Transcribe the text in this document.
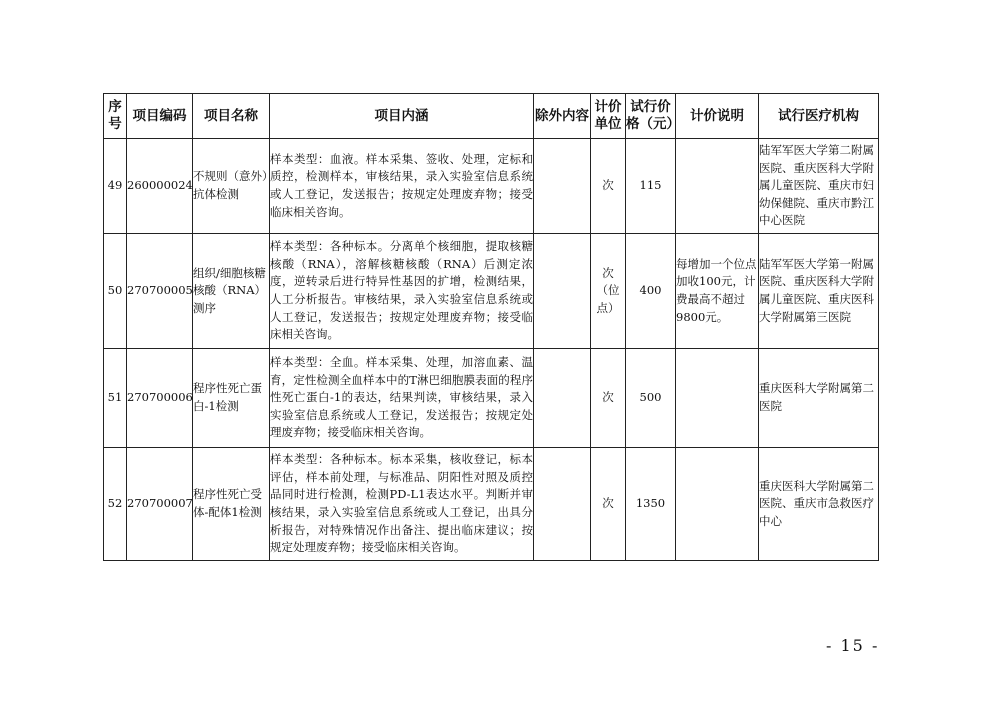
序号	项目编码	项目名称	项目内涵	除外内容	计价单位	试行价格（元）	计价说明	试行医疗机构
49	260000024	不规则（意外）抗体检测	样本类型：血液。样本采集、签收、处理，定标和质控，检测样本，审核结果，录入实验室信息系统或人工登记，发送报告；按规定处理废弃物；接受临床相关咨询。		次	115		陆军军医大学第二附属医院、重庆医科大学附属儿童医院、重庆市妇幼保健院、重庆市黔江中心医院
50	270700005	组织/细胞核糖核酸（RNA）测序	样本类型：各种标本。分离单个核细胞，提取核糖核酸（RNA），溶解核糖核酸（RNA）后测定浓度，逆转录后进行特异性基因的扩增，检测结果，人工分析报告。审核结果，录入实验室信息系统或人工登记，发送报告；按规定处理废弃物；接受临床相关咨询。		次（位点）	400	每增加一个位点加收100元，计费最高不超过9800元。	陆军军医大学第一附属医院、重庆医科大学附属儿童医院、重庆医科大学附属第三医院
51	270700006	程序性死亡蛋白-1检测	样本类型：全血。样本采集、处理，加溶血素、温育，定性检测全血样本中的T淋巴细胞膜表面的程序性死亡蛋白-1的表达，结果判读，审核结果，录入实验室信息系统或人工登记，发送报告；按规定处理废弃物；接受临床相关咨询。		次	500		重庆医科大学附属第二医院
52	270700007	程序性死亡受体-配体1检测	样本类型：各种标本。标本采集，核收登记，标本评估，样本前处理，与标准品、阴阳性对照及质控品同时进行检测，检测PD-L1表达水平。判断并审核结果，录入实验室信息系统或人工登记，出具分析报告，对特殊情况作出备注、提出临床建议；按规定处理废弃物；接受临床相关咨询。		次	1350		重庆医科大学附属第二医院、重庆市急救医疗中心
- 15 -
